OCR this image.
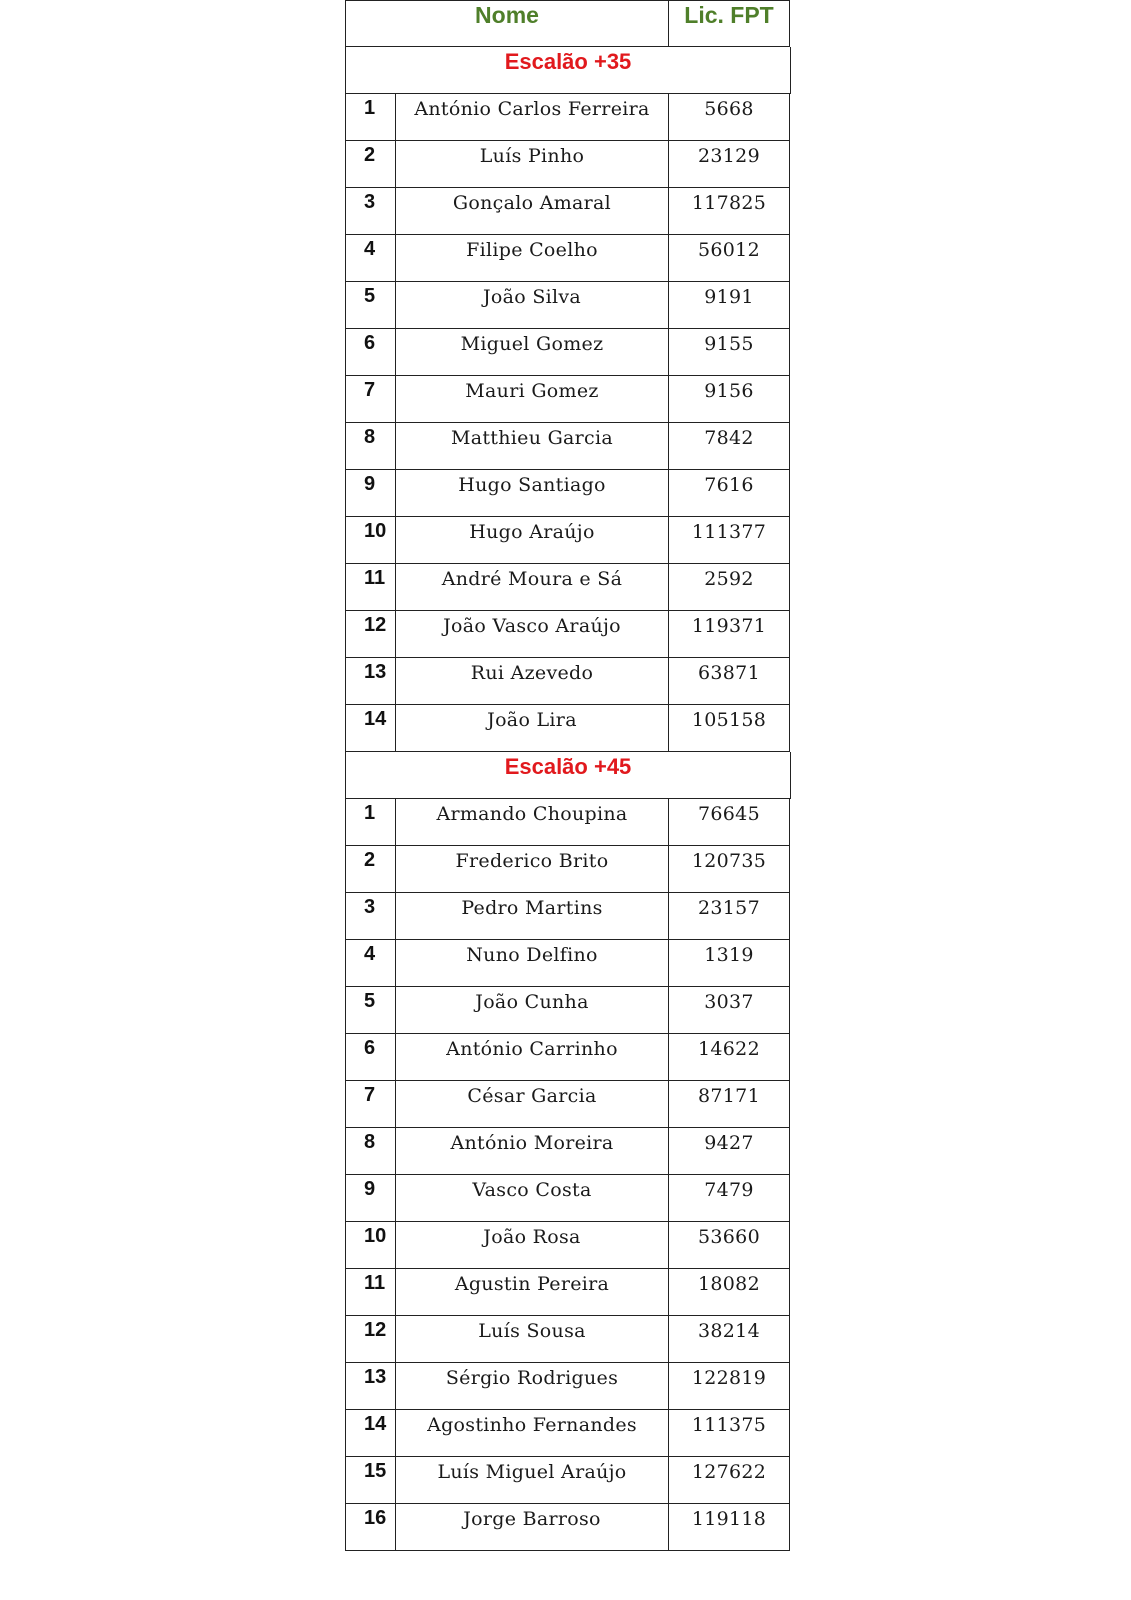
Nome	Lic. FPT
Escalão +35
1 António Carlos Ferreira	5668
2	Luís Pinho	23129
3	Gonçalo Amaral	117825
4	Filipe Coelho	56012
5	João Silva	9191
6	Miguel Gomez	9155
7	Mauri Gomez	9156
8	Matthieu Garcia	7842
9	Hugo Santiago	7616
10	Hugo Araújo	111377
11	André Moura e Sá	2592
12	João Vasco Araújo	119371
13	Rui Azevedo	63871
14	João Lira	105158
Escalão +45
1	Armando Choupina	76645
2	Frederico Brito	120735
3	Pedro Martins	23157
4	Nuno Delfino	1319
5	João Cunha	3037
6	António Carrinho	14622
7	César Garcia	87171
8	António Moreira	9427
9	Vasco Costa	7479
10	João Rosa	53660
11	Agustin Pereira	18082
12	Luís Sousa	38214
13	Sérgio Rodrigues	122819
14 Agostinho Fernandes	111375
15	Luís Miguel Araújo	127622
16	Jorge Barroso	119118
